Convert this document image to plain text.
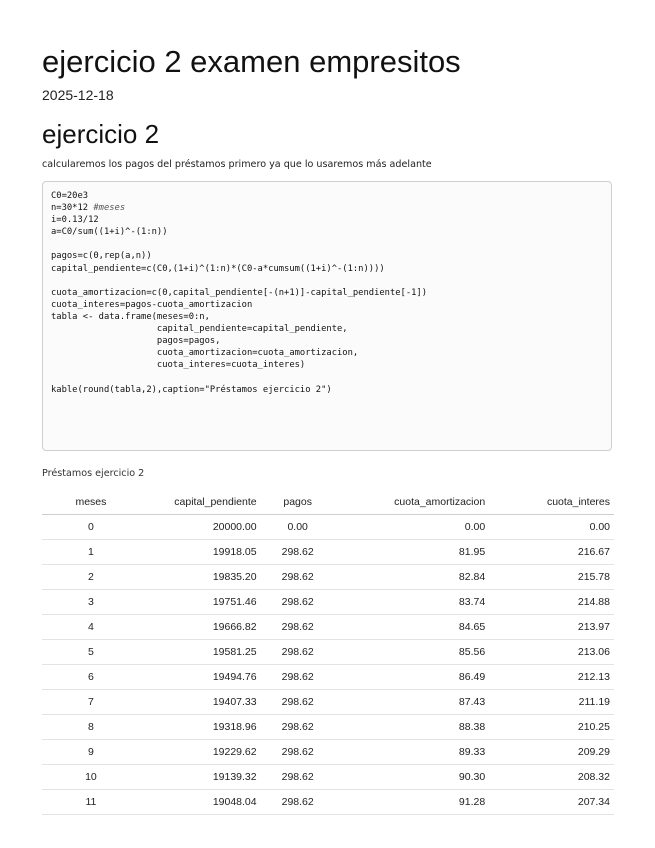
ejercicio 2 examen empresitos
2025-12-18
ejercicio 2
calcularemos los pagos del préstamos primero ya que lo usaremos más adelante
C0=20e3
n=30*12 #meses
i=0.13/12
a=C0/sum((1+i)^-(1:n))

pagos=c(0,rep(a,n))
capital_pendiente=c(C0,(1+i)^(1:n)*(C0-a*cumsum((1+i)^-(1:n))))

cuota_amortizacion=c(0,capital_pendiente[-(n+1)]-capital_pendiente[-1])
cuota_interes=pagos-cuota_amortizacion
tabla <- data.frame(meses=0:n,
capital_pendiente=capital_pendiente,
pagos=pagos,
cuota_amortizacion=cuota_amortizacion,
cuota_interes=cuota_interes)

kable(round(tabla,2),caption="Préstamos ejercicio 2")
Préstamos ejercicio 2
meses	capital_pendiente	pagos	cuota_amortizacion	cuota_interes
0	20000.00	0.00	0.00	0.00
1	19918.05	298.62	81.95	216.67
2	19835.20	298.62	82.84	215.78
3	19751.46	298.62	83.74	214.88
4	19666.82	298.62	84.65	213.97
5	19581.25	298.62	85.56	213.06
6	19494.76	298.62	86.49	212.13
7	19407.33	298.62	87.43	211.19
8	19318.96	298.62	88.38	210.25
9	19229.62	298.62	89.33	209.29
10	19139.32	298.62	90.30	208.32
11	19048.04	298.62	91.28	207.34
